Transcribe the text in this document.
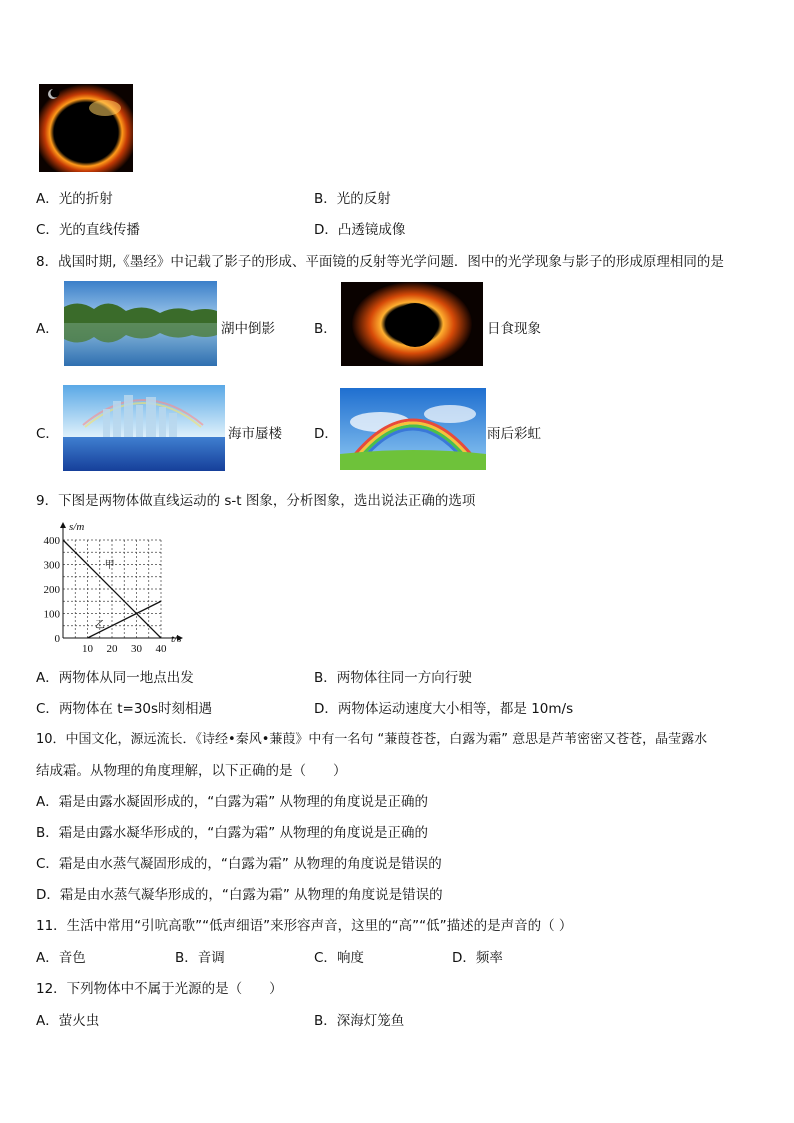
A．光的折射	B．光的反射
C．光的直线传播	D．凸透镜成像
8．战国时期,《墨经》中记载了影子的形成、平面镜的反射等光学问题．图中的光学现象与影子的形成原理相同的是
A．	湖中倒影	B．	日食现象
C．	海市蜃楼 D．	雨后彩虹
9．下图是两物体做直线运动的 s-t 图象，分析图象，选出说法正确的选项
0
100
200
300
400
10 20 30 40
s/m
t/s
甲
乙
A．两物体从同一地点出发	B．两物体往同一方向行驶
C．两物体在 t=30s时刻相遇	D．两物体运动速度大小相等，都是 10m/s
10．中国文化，源远流长．《诗经•秦风•蒹葭》中有一名句 “蒹葭苍苍，白露为霜” 意思是芦苇密密又苍苍，晶莹露水
结成霜。从物理的角度理解，以下正确的是（　　）
A．霜是由露水凝固形成的，“白露为霜” 从物理的角度说是正确的
B．霜是由露水凝华形成的，“白露为霜” 从物理的角度说是正确的
C．霜是由水蒸气凝固形成的，“白露为霜” 从物理的角度说是错误的
D．霜是由水蒸气凝华形成的，“白露为霜” 从物理的角度说是错误的
11．生活中常用“引吭高歌”“低声细语”来形容声音，这里的“高”“低”描述的是声音的（ ）
A．音色	B．音调	C．响度	D．频率
12．下列物体中不属于光源的是（　　）
A．萤火虫	B．深海灯笼鱼
